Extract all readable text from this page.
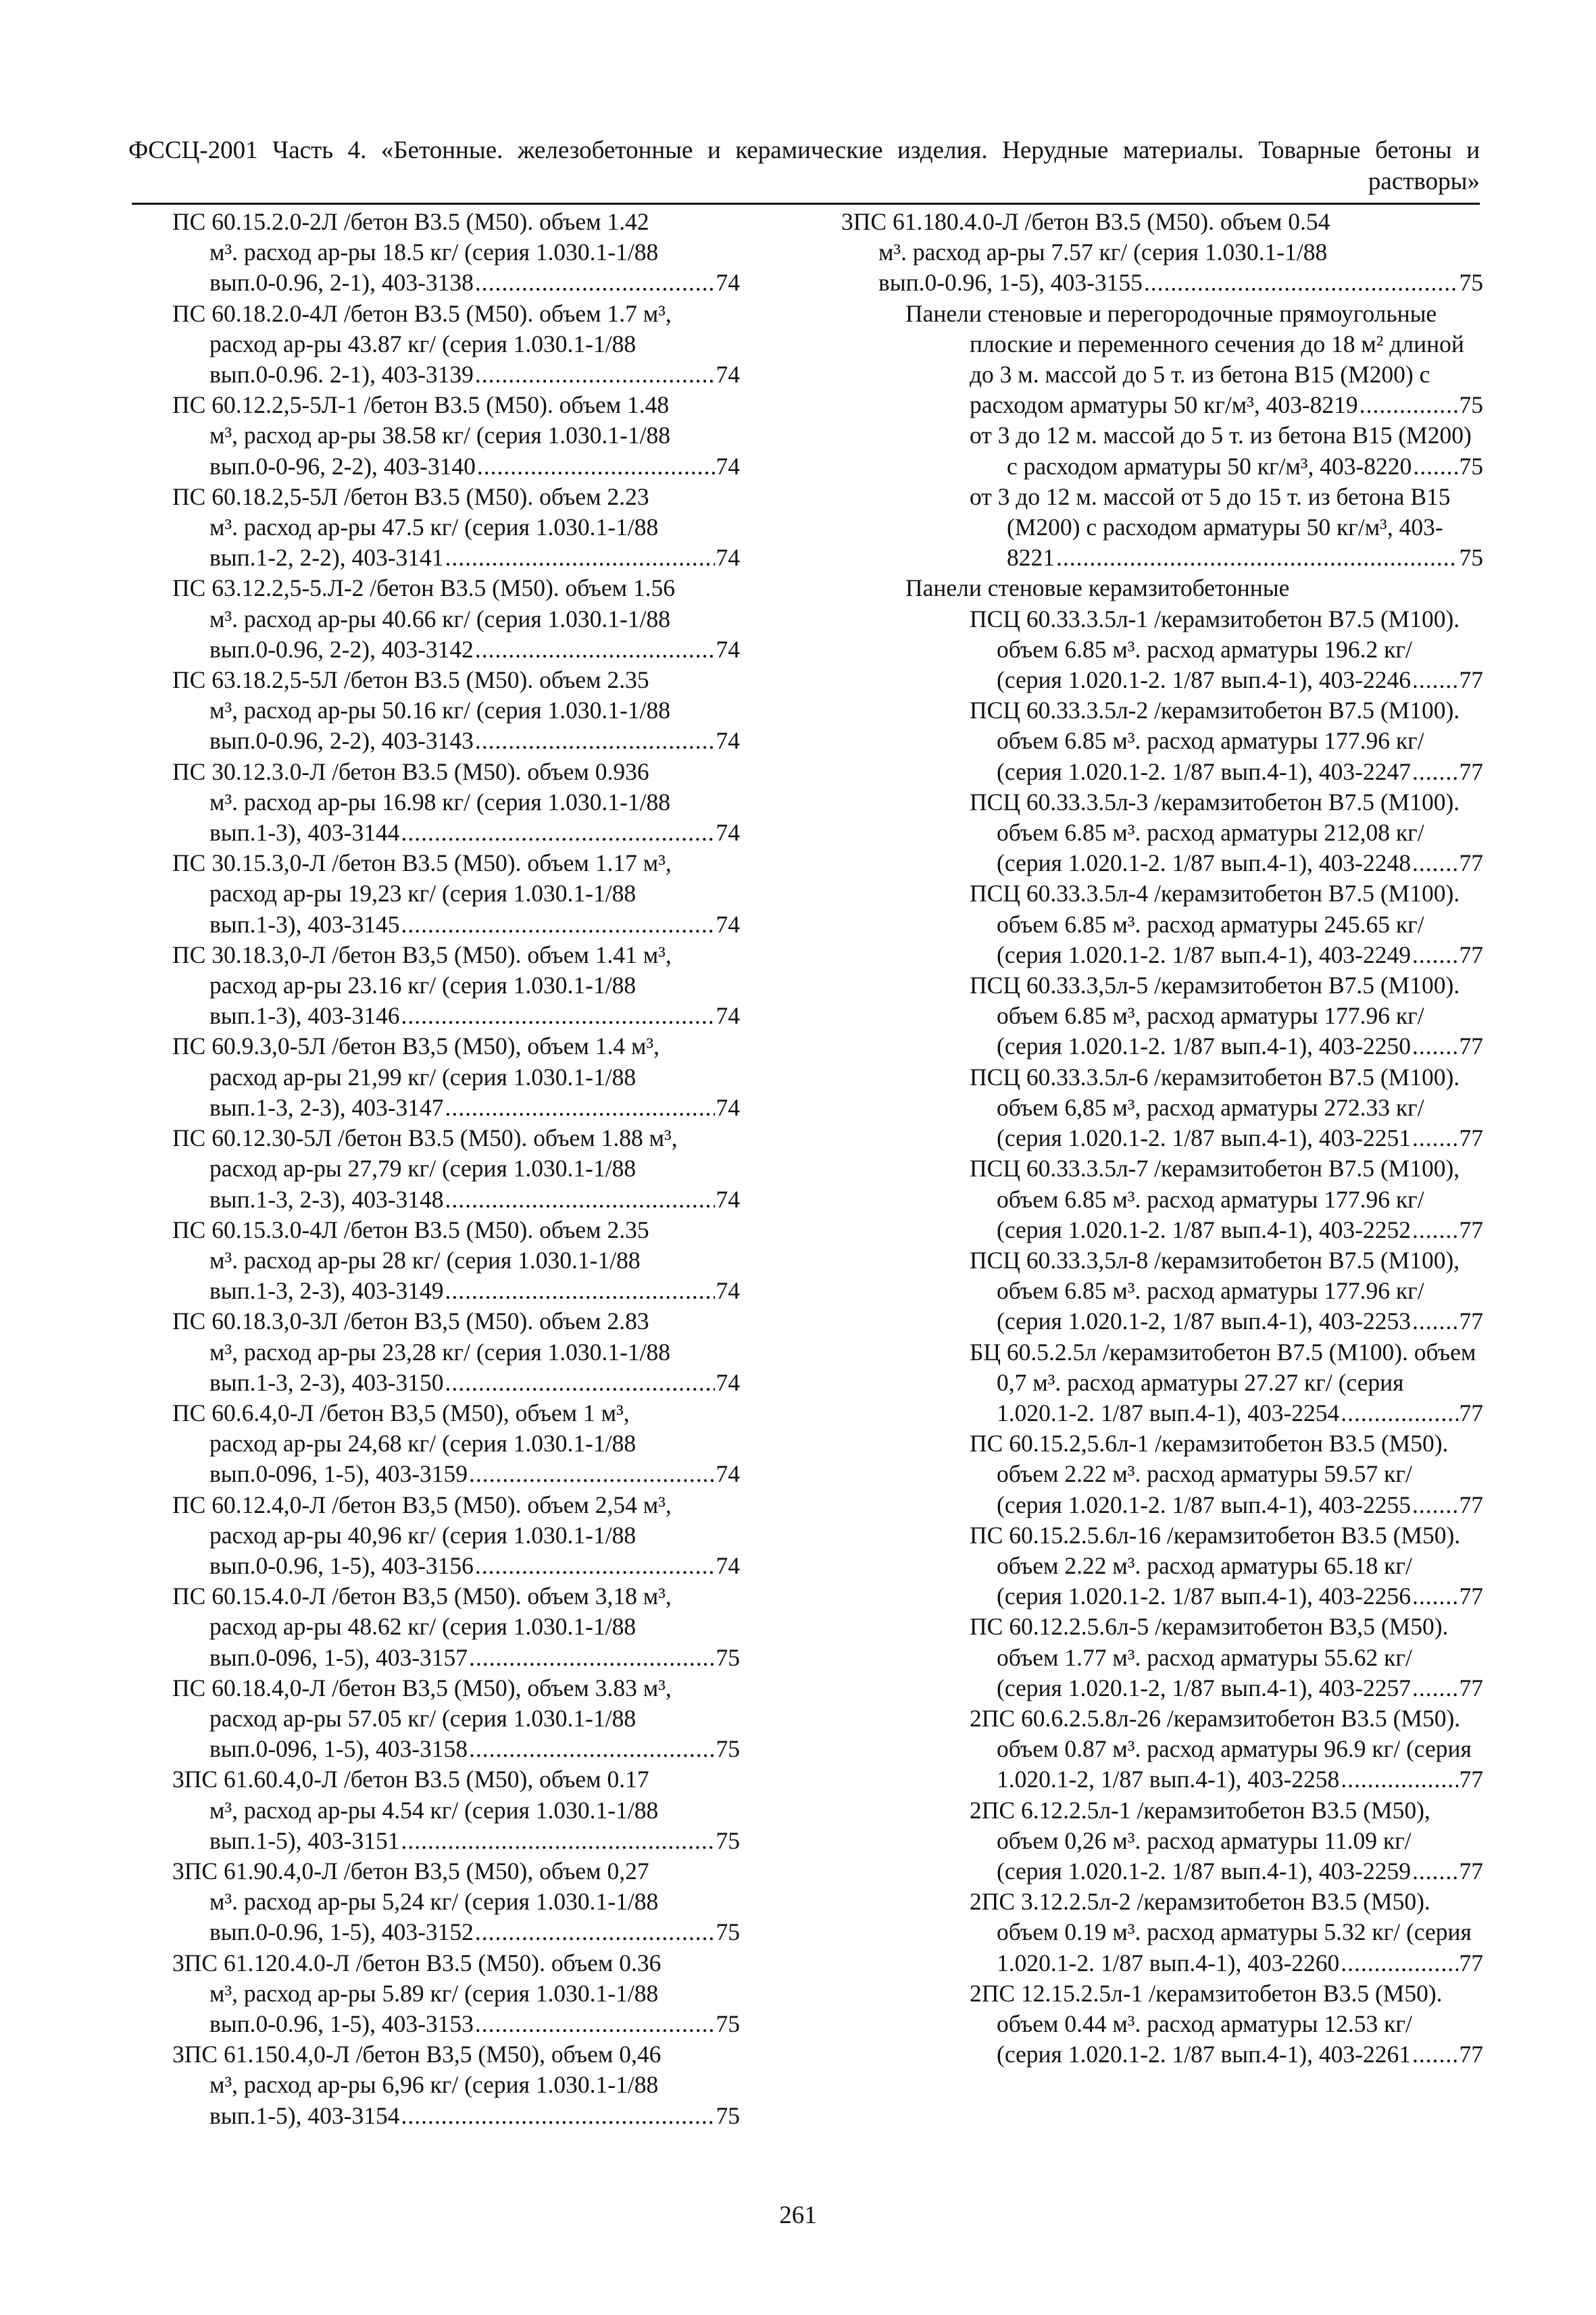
ФССЦ-2001 Часть 4. «Бетонные. железобетонные и керамические изделия. Нерудные материалы. Товарные бетоны и растворы»
ПС 60.15.2.0-2Л /бетон В3.5 (М50). объем 1.42
м³. расход ар-ры 18.5 кг/ (серия 1.030.1-1/88
вып.0-0.96, 2-1), 403-3138 .....	74
ПС 60.18.2.0-4Л /бетон В3.5 (М50). объем 1.7 м³,
расход ар-ры 43.87 кг/ (серия 1.030.1-1/88
вып.0-0.96. 2-1), 403-3139 .....	74
ПС 60.12.2,5-5Л-1 /бетон В3.5 (М50). объем 1.48
м³, расход ар-ры 38.58 кг/ (серия 1.030.1-1/88
вып.0-0-96, 2-2), 403-3140 .....	74
ПС 60.18.2,5-5Л /бетон В3.5 (М50). объем 2.23
м³. расход ар-ры 47.5 кг/ (серия 1.030.1-1/88
вып.1-2, 2-2), 403-3141 .....	74
ПС 63.12.2,5-5.Л-2 /бетон В3.5 (М50). объем 1.56
м³. расход ар-ры 40.66 кг/ (серия 1.030.1-1/88
вып.0-0.96, 2-2), 403-3142 .....	74
ПС 63.18.2,5-5Л /бетон В3.5 (М50). объем 2.35
м³, расход ар-ры 50.16 кг/ (серия 1.030.1-1/88
вып.0-0.96, 2-2), 403-3143 .....	74
ПС 30.12.3.0-Л /бетон В3.5 (М50). объем 0.936
м³. расход ар-ры 16.98 кг/ (серия 1.030.1-1/88
вып.1-3), 403-3144 .....	74
ПС 30.15.3,0-Л /бетон В3.5 (М50). объем 1.17 м³,
расход ар-ры 19,23 кг/ (серия 1.030.1-1/88
вып.1-3), 403-3145 .....	74
ПС 30.18.3,0-Л /бетон В3,5 (М50). объем 1.41 м³,
расход ар-ры 23.16 кг/ (серия 1.030.1-1/88
вып.1-3), 403-3146 .....	74
ПС 60.9.3,0-5Л /бетон В3,5 (М50), объем 1.4 м³,
расход ар-ры 21,99 кг/ (серия 1.030.1-1/88
вып.1-3, 2-3), 403-3147 .....	74
ПС 60.12.30-5Л /бетон В3.5 (М50). объем 1.88 м³,
расход ар-ры 27,79 кг/ (серия 1.030.1-1/88
вып.1-3, 2-3), 403-3148 .....	74
ПС 60.15.3.0-4Л /бетон В3.5 (М50). объем 2.35
м³. расход ар-ры 28 кг/ (серия 1.030.1-1/88
вып.1-3, 2-3), 403-3149 .....	74
ПС 60.18.3,0-3Л /бетон В3,5 (М50). объем 2.83
м³, расход ар-ры 23,28 кг/ (серия 1.030.1-1/88
вып.1-3, 2-3), 403-3150 .....	74
ПС 60.6.4,0-Л /бетон В3,5 (М50), объем 1 м³,
расход ар-ры 24,68 кг/ (серия 1.030.1-1/88
вып.0-096, 1-5), 403-3159 .....	74
ПС 60.12.4,0-Л /бетон В3,5 (М50). объем 2,54 м³,
расход ар-ры 40,96 кг/ (серия 1.030.1-1/88
вып.0-0.96, 1-5), 403-3156 .....	74
ПС 60.15.4.0-Л /бетон В3,5 (М50). объем 3,18 м³,
расход ар-ры 48.62 кг/ (серия 1.030.1-1/88
вып.0-096, 1-5), 403-3157 .....	75
ПС 60.18.4,0-Л /бетон В3,5 (М50), объем 3.83 м³,
расход ар-ры 57.05 кг/ (серия 1.030.1-1/88
вып.0-096, 1-5), 403-3158 .....	75
3ПС 61.60.4,0-Л /бетон В3.5 (М50), объем 0.17
м³, расход ар-ры 4.54 кг/ (серия 1.030.1-1/88
вып.1-5), 403-3151 .....	75
3ПС 61.90.4,0-Л /бетон В3,5 (М50), объем 0,27
м³. расход ар-ры 5,24 кг/ (серия 1.030.1-1/88
вып.0-0.96, 1-5), 403-3152 .....	75
3ПС 61.120.4.0-Л /бетон В3.5 (М50). объем 0.36
м³, расход ар-ры 5.89 кг/ (серия 1.030.1-1/88
вып.0-0.96, 1-5), 403-3153 .....	75
3ПС 61.150.4,0-Л /бетон В3,5 (М50), объем 0,46
м³, расход ар-ры 6,96 кг/ (серия 1.030.1-1/88
вып.1-5), 403-3154 .....	75
3ПС 61.180.4.0-Л /бетон В3.5 (М50). объем 0.54
м³. расход ар-ры 7.57 кг/ (серия 1.030.1-1/88
вып.0-0.96, 1-5), 403-3155 .....	75
Панели стеновые и перегородочные прямоугольные
плоские и переменного сечения до 18 м² длиной
до 3 м. массой до 5 т. из бетона В15 (М200) с
расходом арматуры 50 кг/м³, 403-8219 .....	75
от 3 до 12 м. массой до 5 т. из бетона В15 (М200)
с расходом арматуры 50 кг/м³, 403-8220 ..... 75
от 3 до 12 м. массой от 5 до 15 т. из бетона В15
(М200) с расходом арматуры 50 кг/м³, 403-
8221 .....	75

Панели стеновые керамзитобетонные

ПСЦ 60.33.3.5л-1 /керамзитобетон В7.5 (М100).
объем 6.85 м³. расход арматуры 196.2 кг/
(серия 1.020.1-2. 1/87 вып.4-1), 403-2246 ..... 77
ПСЦ 60.33.3.5л-2 /керамзитобетон В7.5 (М100).
объем 6.85 м³. расход арматуры 177.96 кг/
(серия 1.020.1-2. 1/87 вып.4-1), 403-2247 ..... 77
ПСЦ 60.33.3.5л-3 /керамзитобетон В7.5 (М100).
объем 6.85 м³. расход арматуры 212,08 кг/
(серия 1.020.1-2. 1/87 вып.4-1), 403-2248 ..... 77
ПСЦ 60.33.3.5л-4 /керамзитобетон В7.5 (М100).
объем 6.85 м³. расход арматуры 245.65 кг/
(серия 1.020.1-2. 1/87 вып.4-1), 403-2249 ..... 77
ПСЦ 60.33.3,5л-5 /керамзитобетон В7.5 (М100).
объем 6.85 м³, расход арматуры 177.96 кг/
(серия 1.020.1-2. 1/87 вып.4-1), 403-2250 ..... 77
ПСЦ 60.33.3.5л-6 /керамзитобетон В7.5 (М100).
объем 6,85 м³, расход арматуры 272.33 кг/
(серия 1.020.1-2. 1/87 вып.4-1), 403-2251 ..... 77
ПСЦ 60.33.3.5л-7 /керамзитобетон В7.5 (М100),
объем 6.85 м³. расход арматуры 177.96 кг/
(серия 1.020.1-2. 1/87 вып.4-1), 403-2252 ..... 77
ПСЦ 60.33.3,5л-8 /керамзитобетон В7.5 (М100),
объем 6.85 м³. расход арматуры 177.96 кг/
(серия 1.020.1-2, 1/87 вып.4-1), 403-2253 ..... 77
БЦ 60.5.2.5л /керамзитобетон В7.5 (М100). объем
0,7 м³. расход арматуры 27.27 кг/ (серия
1.020.1-2. 1/87 вып.4-1), 403-2254 .....	77
ПС 60.15.2,5.6л-1 /керамзитобетон В3.5 (М50).
объем 2.22 м³. расход арматуры 59.57 кг/
(серия 1.020.1-2. 1/87 вып.4-1), 403-2255 ..... 77
ПС 60.15.2.5.6л-16 /керамзитобетон В3.5 (М50).
объем 2.22 м³. расход арматуры 65.18 кг/
(серия 1.020.1-2. 1/87 вып.4-1), 403-2256 ..... 77
ПС 60.12.2.5.6л-5 /керамзитобетон В3,5 (М50).
объем 1.77 м³. расход арматуры 55.62 кг/
(серия 1.020.1-2, 1/87 вып.4-1), 403-2257 ..... 77
2ПС 60.6.2.5.8л-26 /керамзитобетон В3.5 (М50).
объем 0.87 м³. расход арматуры 96.9 кг/ (серия
1.020.1-2, 1/87 вып.4-1), 403-2258 .....	77
2ПС 6.12.2.5л-1 /керамзитобетон В3.5 (М50),
объем 0,26 м³. расход арматуры 11.09 кг/
(серия 1.020.1-2. 1/87 вып.4-1), 403-2259 ..... 77
2ПС 3.12.2.5л-2 /керамзитобетон В3.5 (М50).
объем 0.19 м³. расход арматуры 5.32 кг/ (серия
1.020.1-2. 1/87 вып.4-1), 403-2260 .....	77
2ПС 12.15.2.5л-1 /керамзитобетон В3.5 (М50).
объем 0.44 м³. расход арматуры 12.53 кг/
(серия 1.020.1-2. 1/87 вып.4-1), 403-2261 ..... 77
261
